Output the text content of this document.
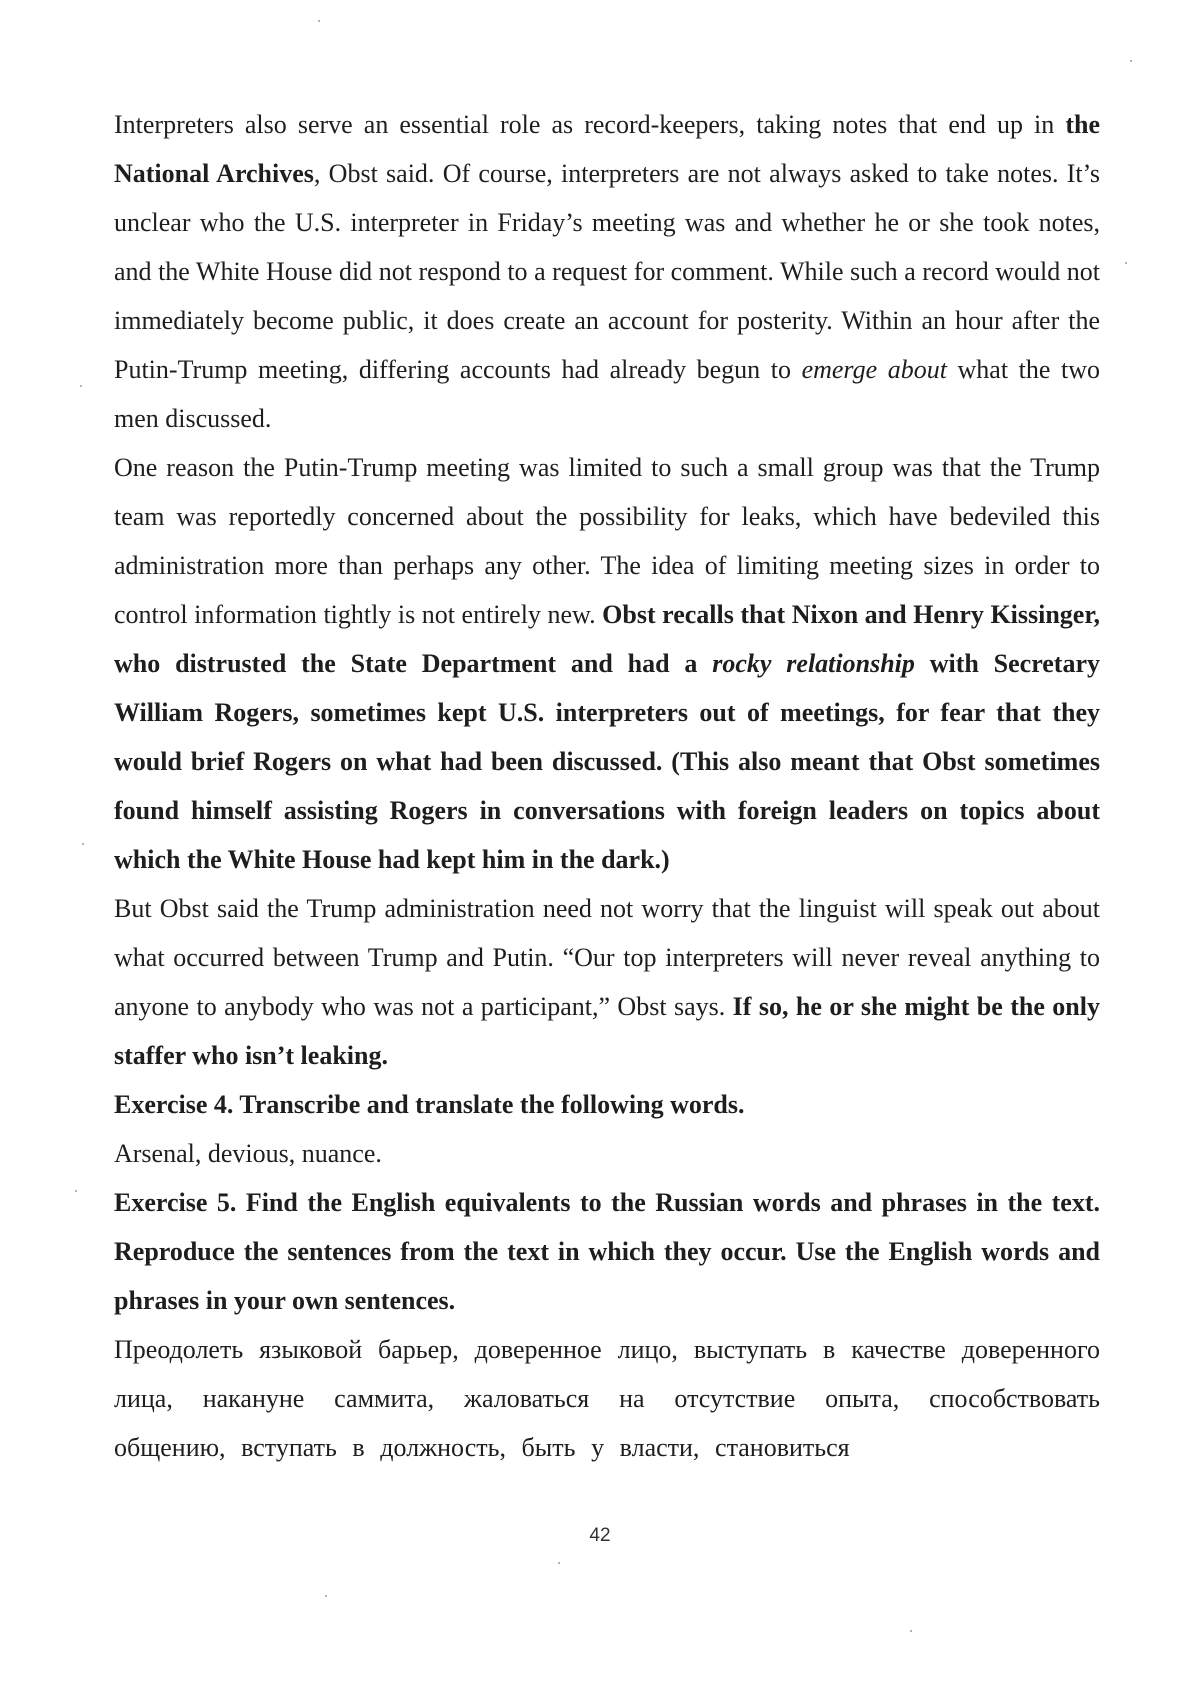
Interpreters also serve an essential role as record-keepers, taking notes that end up in the National Archives, Obst said. Of course, interpreters are not always asked to take notes. It’s unclear who the U.S. interpreter in Friday’s meeting was and whether he or she took notes, and the White House did not respond to a request for comment. While such a record would not immediately become public, it does create an account for posterity. Within an hour after the Putin-Trump meeting, differing accounts had already begun to emerge about what the two men discussed.

One reason the Putin-Trump meeting was limited to such a small group was that the Trump team was reportedly concerned about the possibility for leaks, which have bedeviled this administration more than perhaps any other. The idea of limiting meeting sizes in order to control information tightly is not entirely new. Obst recalls that Nixon and Henry Kissinger, who distrusted the State Department and had a rocky relationship with Secretary William Rogers, sometimes kept U.S. interpreters out of meetings, for fear that they would brief Rogers on what had been discussed. (This also meant that Obst sometimes found himself assisting Rogers in conversations with foreign leaders on topics about which the White House had kept him in the dark.)

But Obst said the Trump administration need not worry that the linguist will speak out about what occurred between Trump and Putin. “Our top interpreters will never reveal anything to anyone to anybody who was not a participant,” Obst says. If so, he or she might be the only staffer who isn’t leaking.

Exercise 4. Transcribe and translate the following words.

Arsenal, devious, nuance.

Exercise 5. Find the English equivalents to the Russian words and phrases in the text. Reproduce the sentences from the text in which they occur. Use the English words and phrases in your own sentences.

Преодолеть языковой барьер, доверенное лицо, выступать в качестве доверенного лица, накануне саммита, жаловаться на отсутствие опыта, способствовать общению, вступать в должность, быть у власти, становиться

42
